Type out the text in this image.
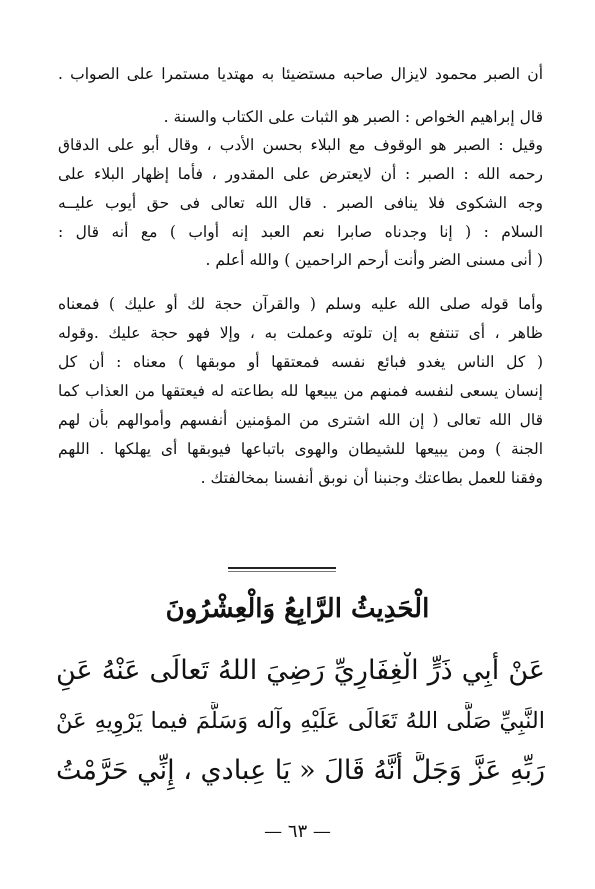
أن الصبر محمود لايزال صاحبه مستضيئا به مهتديا مستمرا على الصواب .
قال إبراهيم الخواص : الصبر هو الثبات على الكتاب والسنة .
وقيل : الصبر هو الوقوف مع البلاء بحسن الأدب ، وقال أبو على الدقاق
رحمه الله : الصبر : أن لايعترض على المقدور ، فأما إظهار البلاء على
وجه الشكوى فلا ينافى الصبر . قال الله تعالى فى حق أيوب عليــه
السلام : ( إنا وجدناه صابرا نعم العبد إنه أواب ) مع أنه قال :
( أنى مسنى الضر وأنت أرحم الراحمين ) والله أعلم .
وأما قوله صلى الله عليه وسلم ( والقرآن حجة لك أو عليك ) فمعناه
ظاهر ، أى تنتفع به إن تلوته وعملت به ، وإلا فهو حجة عليك .وقوله
( كل الناس يغدو فبائع نفسه فمعتقها أو موبقها ) معناه : أن كل
إنسان يسعى لنفسه فمنهم من يبيعها لله بطاعته له فيعتقها من العذاب كما
قال الله تعالى ( إن الله اشترى من المؤمنين أنفسهم وأموالهم بأن لهم
الجنة ) ومن يبيعها للشيطان والهوى باتباعها فيوبقها أى يهلكها . اللهم
وفقنا للعمل بطاعتك وجنبنا أن نوبق أنفسنا بمخالفتك .
الْحَدِيثُ الرَّابِعُ وَالْعِشْرُونَ
عَنْ أَبِي ذَرٍّ الْغِفَارِيِّ رَضِيَ اللهُ تَعالَى عَنْهُ عَنِ
النَّبِيِّ صَلَّى اللهُ تَعَالَى عَلَيْهِ وآله وَسَلَّمَ فيما يَرْوِيهِ عَنْ
رَبِّهِ عَزَّ وَجَلَّ أَنَّهُ قَالَ « يَا عِبادي ، إِنِّي حَرَّمْتُ
— ٦٣ —
